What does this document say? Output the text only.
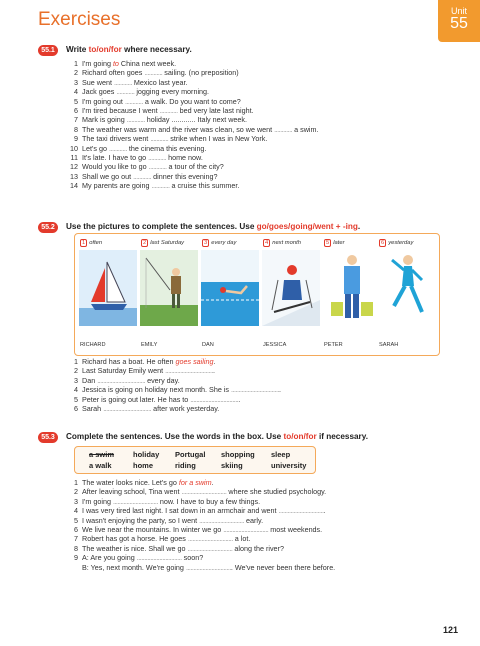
Exercises	Unit
55
55.1	Write to/on/for where necessary.
1 I'm going to China next week.
2 Richard often goes ............ sailing. (no preposition)
3 Sue went ............ Mexico last year.
4 Jack goes ............ jogging every morning.
5 I'm going out ............ a walk. Do you want to come?
6 I'm tired because I went ............ bed very late last night.
7 Mark is going ............ holiday ............ Italy next week.
8 The weather was warm and the river was clean, so we went ............ a swim.
9 The taxi drivers went ............ strike when I was in New York.
10 Let's go ............ the cinema this evening.
11 It's late. I have to go ............ home now.
12 Would you like to go ............ a tour of the city?
13 Shall we go out ............ dinner this evening?
14 My parents are going ............ a cruise this summer.
55.2	Use the pictures to complete the sentences. Use go/goes/going/went + -ing.
1 often
RICHARD
2 last Saturday
EMILY
3 every day
DAN
4 next month
JESSICA
5 later
PETER
6 yesterday
SARAH
1 Richard has a boat. He often goes sailing.
2 Last Saturday Emily went .................................
3 Dan ................................ every day.
4 Jessica is going on holiday next month. She is .................................
5 Peter is going out later. He has to .................................
6 Sarah ................................ after work yesterday.
55.3	Complete the sentences. Use the words in the box. Use to/on/for if necessary.
a swim	holiday Portugal shopping sleep
a walk	home	riding	skiing	university
1 The water looks nice. Let's go for a swim.
2 After leaving school, Tina went .............................. where she studied psychology.
3 I'm going .............................. now. I have to buy a few things.
4 I was very tired last night. I sat down in an armchair and went ...............................
5 I wasn't enjoying the party, so I went .............................. early.
6 We live near the mountains. In winter we go .............................. most weekends.
7 Robert has got a horse. He goes .............................. a lot.
8 The weather is nice. Shall we go .............................. along the river?
9 A: Are you going .............................. soon?
B: Yes, next month. We're going ............................... We've never been there before.
121
